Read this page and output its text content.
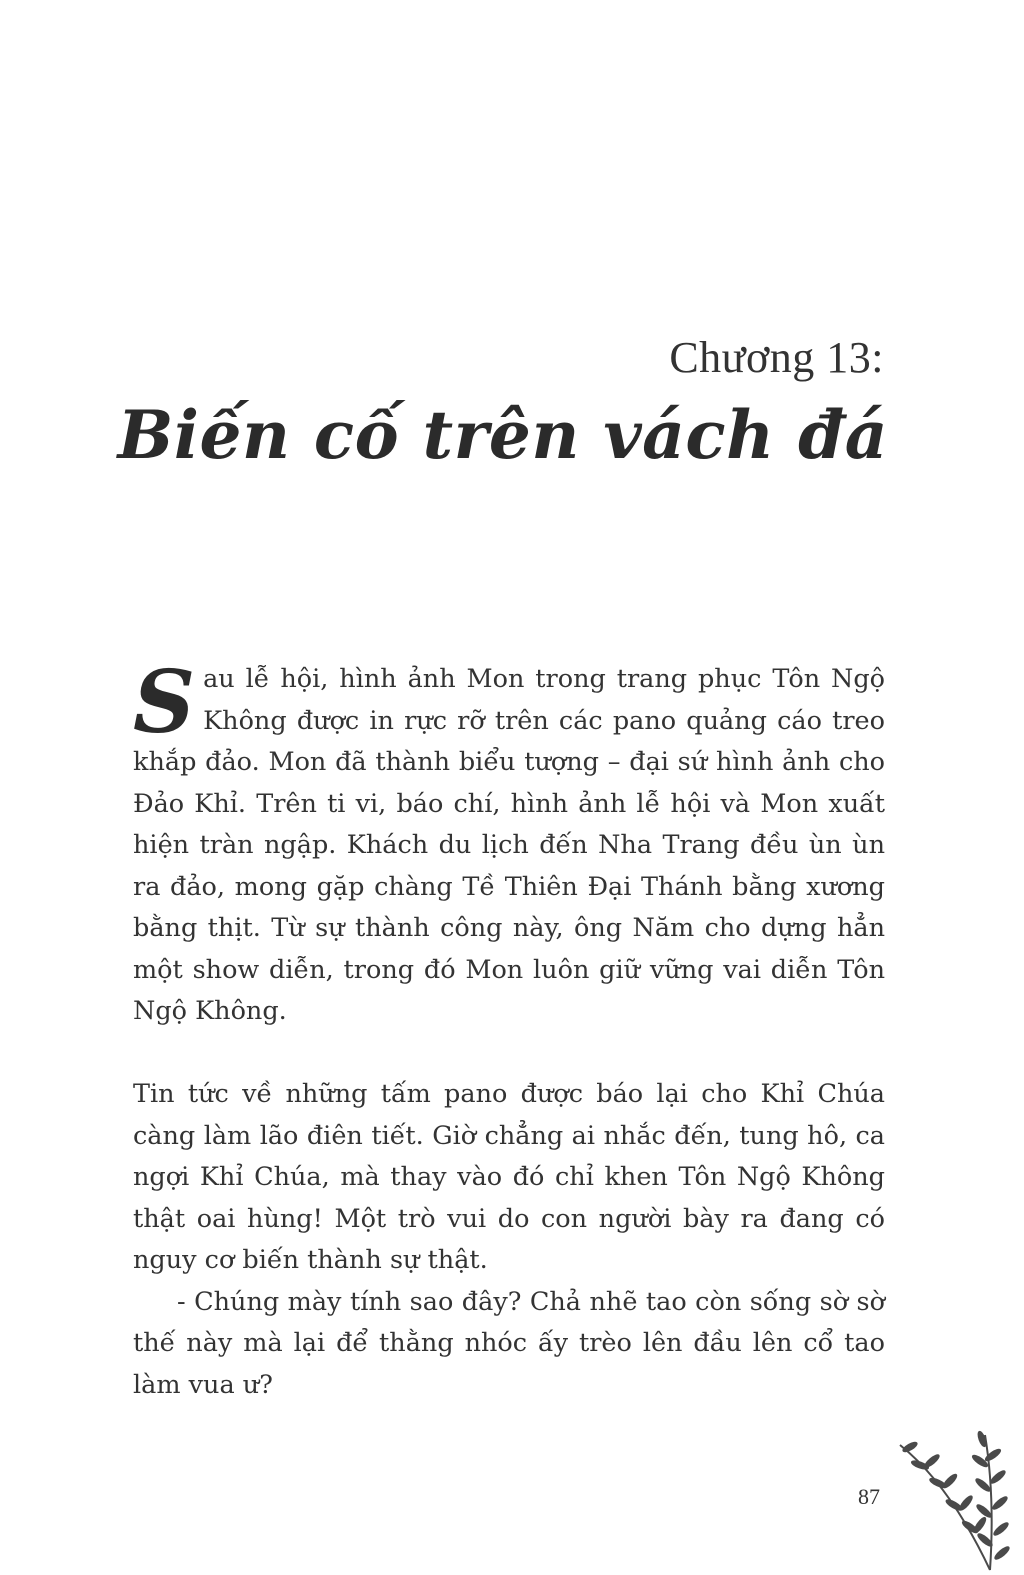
Chương 13:
Biến cố trên vách đá

S au lễ hội, hình ảnh Mon trong trang phục Tôn Ngộ Không được in rực rỡ trên các pano quảng cáo treo khắp đảo. Mon đã thành biểu tượng – đại sứ hình ảnh cho Đảo Khỉ. Trên ti vi, báo chí, hình ảnh lễ hội và Mon xuất hiện tràn ngập. Khách du lịch đến Nha Trang đều ùn ùn ra đảo, mong gặp chàng Tề Thiên Đại Thánh bằng xương bằng thịt. Từ sự thành công này, ông Năm cho dựng hẳn một show diễn, trong đó Mon luôn giữ vững vai diễn Tôn Ngộ Không.

Tin tức về những tấm pano được báo lại cho Khỉ Chúa càng làm lão điên tiết. Giờ chẳng ai nhắc đến, tung hô, ca ngợi Khỉ Chúa, mà thay vào đó chỉ khen Tôn Ngộ Không thật oai hùng! Một trò vui do con người bày ra đang có nguy cơ biến thành sự thật.

- Chúng mày tính sao đây? Chả nhẽ tao còn sống sờ sờ thế này mà lại để thằng nhóc ấy trèo lên đầu lên cổ tao làm vua ư?

87
